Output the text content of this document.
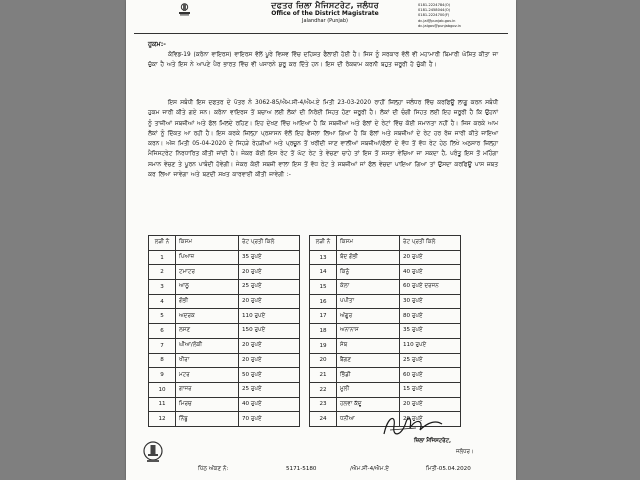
ਦਫਤਰ ਜ਼ਿਲਾ ਮੈਜਿਸਟਰੇਟ, ਜਲੰਧਰ
Office of the District Magistrate
Jalandhar (Punjab)
0181-2224784(O)
0181-2458044(O)
0181-2224700(F)
dc.jal@punjab.gov.in
dc.jalgov@punjabgov.in
ਹੁਕਮ:-
ਕੋਵਿਡ-19 (ਕਰੋਨਾ ਵਾਇਰਸ) ਵਾਇਰਸ ਵੱਲੋਂ ਪੂਰੇ ਵਿਸ਼ਵ ਵਿੱਚ ਦਹਿਸ਼ਤ ਫੈਲਾਈ ਹੋਈ ਹੈ। ਜਿਸ ਨੂੰ ਸਰਕਾਰ ਵੱਲੋਂ ਵੀ ਮਹਾਮਾਰੀ ਬਿਮਾਰੀ ਘੋਸ਼ਿਤ ਕੀਤਾ ਜਾ ਚੁੱਕਾ ਹੈ ਅਤੇ ਇਸ ਨੇ ਆਪਣੇ ਪੈਰ ਭਾਰਤ ਵਿੱਚ ਵੀ ਪਸਾਰਨੇ ਸ਼ੁਰੂ ਕਰ ਦਿੱਤੇ ਹਨ। ਇਸ ਦੀ ਰੋਕਥਾਮ ਕਰਨੀ ਬਹੁਤ ਜ਼ਰੂਰੀ ਹੋ ਚੁੱਕੀ ਹੈ।
ਇਸ ਸਬੰਧੀ ਇਸ ਦਫਤਰ ਦੇ ਪੱਤਰ ਨੰ 3062-85/ਐਮ.ਸੀ-4/ਐਮ.ਏ ਮਿਤੀ 23-03-2020 ਰਾਹੀਂ ਜ਼ਿਲ੍ਹਾ ਜਲੰਧਰ ਵਿੱਚ ਕਰਫਿਊ ਲਾਗੂ ਕਰਨ ਸਬੰਧੀ ਹੁਕਮ ਜਾਰੀ ਕੀਤੇ ਗਏ ਸਨ। ਕਰੋਨਾ ਵਾਇਰਸ ਤੋਂ ਬਚਾਅ ਲਈ ਲੋਕਾਂ ਦੀ ਨਿਰੋਈ ਸਿਹਤ ਹੋਣਾ ਜ਼ਰੂਰੀ ਹੈ। ਲੋਕਾਂ ਦੀ ਚੰਗੀ ਸਿਹਤ ਲਈ ਇਹ ਜ਼ਰੂਰੀ ਹੈ ਕਿ ਉਹਨਾਂ ਨੂੰ ਤਾਜ਼ੀਆਂ ਸਬਜ਼ੀਆਂ ਅਤੇ ਫੱਲ ਮਿਲਦੇ ਰਹਿਣ। ਇਹ ਦੇਖਣ ਵਿੱਚ ਆਇਆ ਹੈ ਕਿ ਸਬਜ਼ੀਆਂ ਅਤੇ ਫੱਲਾਂ ਦੇ ਰੇਟਾਂ ਵਿੱਚ ਕੋਈ ਸਮਾਨਤਾ ਨਹੀਂ ਹੈ। ਜਿਸ ਕਰਕੇ ਆਮ ਲੋਕਾਂ ਨੂੰ ਦਿੱਕਤ ਆ ਰਹੀ ਹੈ। ਇਸ ਕਰਕੇ ਜ਼ਿਲ੍ਹਾ ਪ੍ਰਸ਼ਾਸਨ ਵੱਲੋਂ ਇਹ ਫੈਸਲਾ ਲਿਆ ਗਿਆ ਹੈ ਕਿ ਫੱਲਾਂ ਅਤੇ ਸਬਜ਼ੀਆਂ ਦੇ ਰੇਟ ਹਰ ਰੋਜ਼ ਜਾਰੀ ਕੀਤੇ ਜਾਇਆ ਕਰਨ। ਅੱਜ ਮਿਤੀ 05-04-2020 ਦੇ ਜਿਹੜੇ ਰੇਹੜੀਆਂ ਅਤੇ ਪ੍ਰਚੂਨ ਤੋਂ ਖਰੀਦੀ ਜਾਣ ਵਾਲੀਆਂ ਸਬਜ਼ੀਆਂ/ਫੱਲਾਂ ਦੇ ਵੱਧ ਤੋਂ ਵੱਧ ਰੇਟ ਹੇਠ ਲਿਖੇ ਅਨੁਸਾਰ ਜ਼ਿਲ੍ਹਾ ਮੈਜਿਸਟਰੇਟ ਨਿਰਧਾਰਿਤ ਕੀਤੀ ਜਾਂਦੀ ਹੈ। ਜੇਕਰ ਕੋਈ ਇਸ ਰੇਟ ਤੋਂ ਘੱਟ ਰੇਟ ਤੇ ਵੇਚਣਾ ਚਾਹੇ ਤਾਂ ਇਸ ਤੋਂ ਸਸਤਾ ਵੇਚਿਆ ਜਾ ਸਕਦਾ ਹੈ, ਪਰੰਤੂ ਇਸ ਤੋਂ ਮਹਿੰਗਾ ਸਮਾਨ ਵੇਚਣ ਤੇ ਪੂਰਨ ਪਾਬੰਦੀ ਹੋਵੇਗੀ। ਜੇਕਰ ਕੋਈ ਸਬਜ਼ੀ ਵਾਲਾ ਇਸ ਤੋਂ ਵੱਧ ਰੇਟ ਤੇ ਸਬਜ਼ੀਆਂ ਜਾਂ ਫੱਲ ਵੇਚਦਾ ਪਾਇਆ ਗਿਆ ਤਾਂ ਉਸਦਾ ਕਰਫਿਊ ਪਾਸ ਜ਼ਬਤ ਕਰ ਲਿਆ ਜਾਵੇਗਾ ਅਤੇ ਬਣਦੀ ਸਖ਼ਤ ਕਾਰਵਾਈ ਕੀਤੀ ਜਾਵੇਗੀ :-
ਲੜੀ ਨੰ	ਕਿਸਮ	ਰੇਟ ਪ੍ਰਤੀ ਕਿਲੋ
1	ਪਿਆਜ਼	35 ਰੁਪਏ
2	ਟਮਾਟਰ	20 ਰੁਪਏ
3	ਆਲੂ	25 ਰੁਪਏ
4	ਗੋਭੀ	20 ਰੁਪਏ
5	ਅਦਰਕ	110 ਰੁਪਏ
6	ਲਸਣ	150 ਰੁਪਏ
7	ਘੀਆ/ਲੋਕੀ	20 ਰੁਪਏ
8	ਖੀਰਾ	20 ਰੁਪਏ
9	ਮਟਰ	50 ਰੁਪਏ
10	ਗਾਜਰ	25 ਰੁਪਏ
11	ਮਿਰਚ	40 ਰੁਪਏ
12	ਨਿੰਬੂ	70 ਰੁਪਏ
ਲੜੀ ਨੰ	ਕਿਸਮ	ਰੇਟ ਪ੍ਰਤੀ ਕਿਲੋ
13	ਬੰਦ ਗੋਭੀ	20 ਰੁਪਏ
14	ਕਿਨੂੰ	40 ਰੁਪਏ
15	ਕੇਲਾ	60 ਰੁਪਏ ਦਰਜਨ
16	ਪਪੀਤਾ	30 ਰੁਪਏ
17	ਅੰਗੂਰ	80 ਰੁਪਏ
18	ਅਨਾਨਾਸ	35 ਰੁਪਏ
19	ਸੇਬ	110 ਰੁਪਏ
20	ਬੈਂਗਣ	25 ਰੁਪਏ
21	ਭਿੰਡੀ	60 ਰੁਪਏ
22	ਮੂਲੀ	15 ਰੁਪਏ
23	ਹਲਵਾ ਕੱਦੂ	20 ਰੁਪਏ
24	ਧਨੀਆ	20 ਰੁਪਏ
ਜ਼ਿਲਾ ਮੈਜਿਸਟਰੇਟ,
ਜਲੰਧਰ।
ਪਿੱਠ ਅੰਕਣ ਨੰ:	5171-5180	/ਐਮ.ਸੀ-4/ਐਮ.ਏ	ਮਿਤੀ-05.04.2020
